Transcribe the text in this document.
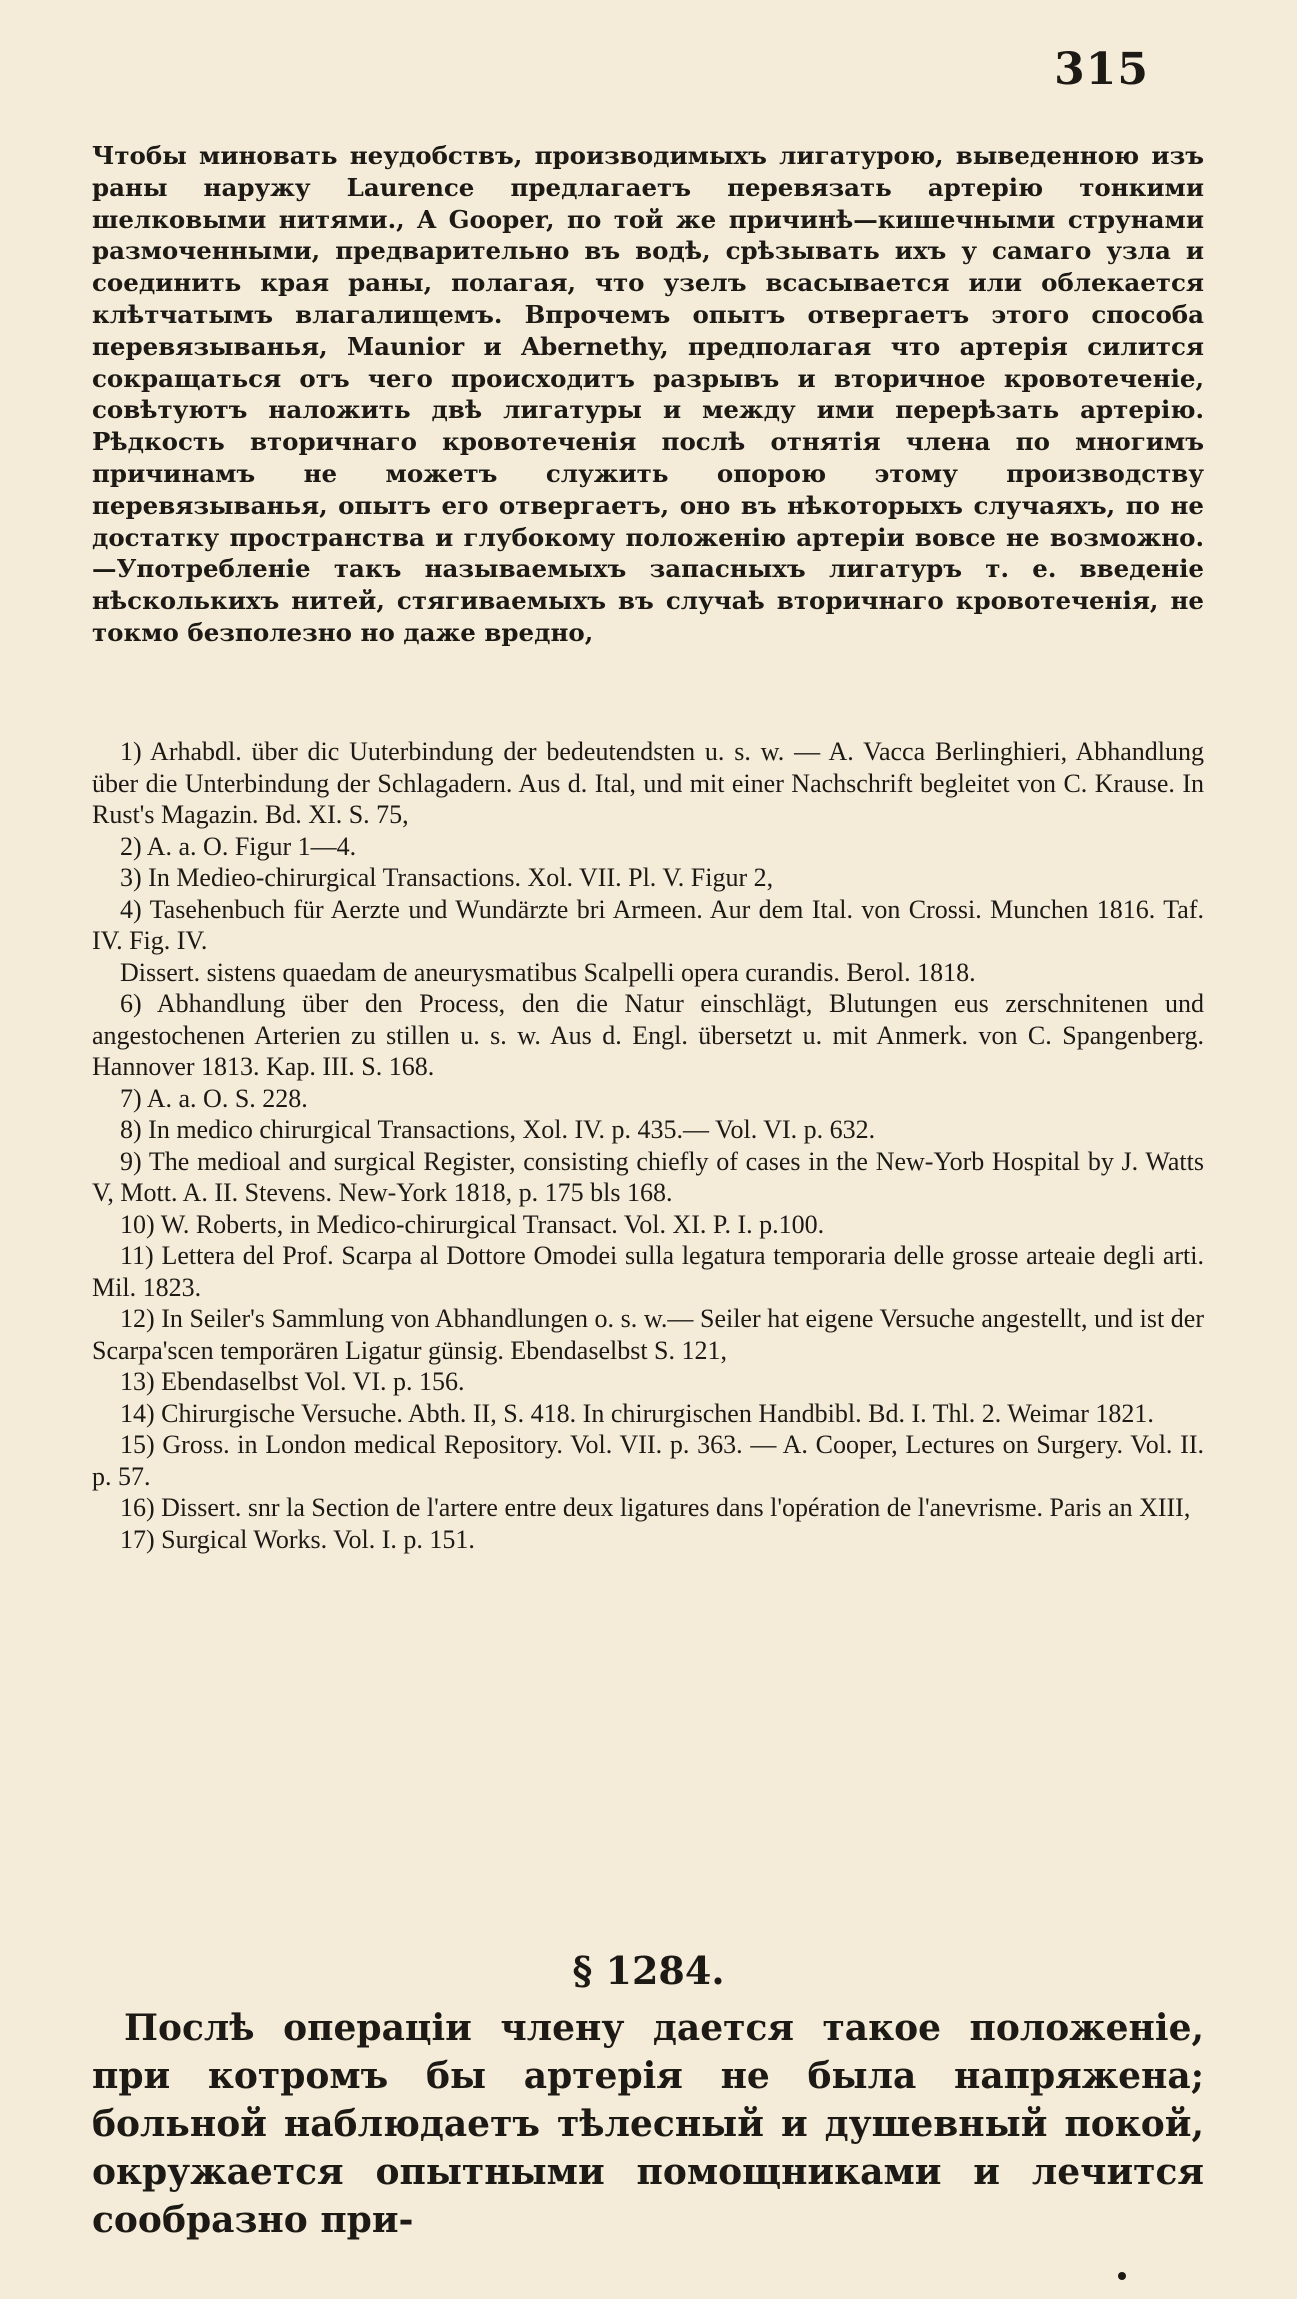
315

Чтобы миновать неудобствъ, производимыхъ лигатурою, выведенною изъ раны наружу Laurence предлагаетъ перевязать артерію тонкими шелковыми нитями., A Gooper, по той же причинѣ—кишечными струнами размоченными, предварительно въ водѣ, срѣзывать ихъ у самаго узла и соединить края раны, полагая, что узелъ всасывается или облекается клѣтчатымъ влагалищемъ. Впрочемъ опытъ отвергаетъ этого способа перевязыванья, Maunior и Abernethy, предполагая что артерія силится сокращаться отъ чего происходитъ разрывъ и вторичное кровотеченіе, совѣтуютъ наложить двѣ лигатуры и между ими перерѣзать артерію. Рѣдкость вторичнаго кровотеченія послѣ отнятія члена по многимъ причинамъ не можетъ служить опорою этому производству перевязыванья, опытъ его отвергаетъ, оно въ нѣкоторыхъ случаяхъ, по не достатку пространства и глубокому положенію артеріи вовсе не возможно.—Употребленіе такъ называемыхъ запасныхъ лигатуръ т. е. введеніе нѣсколькихъ нитей, стягиваемыхъ въ случаѣ вторичнаго кровотеченія, не токмо безполезно но даже вредно,

1) Arhabdl. über dic Uuterbindung der bedeutendsten u. s. w. — A. Vacca Berlinghieri, Abhandlung über die Unterbindung der Schlagadern. Aus d. Ital, und mit einer Nachschrift begleitet von C. Krause. In Rust's Magazin. Bd. XI. S. 75,

2) A. a. O. Figur 1—4.

3) In Medieo-chirurgical Transactions. Xol. VII. Pl. V. Figur 2,

4) Tasehenbuch für Aerzte und Wundärzte bri Armeen. Aur dem Ital. von Crossi. Munchen 1816. Taf. IV. Fig. IV.

Dissert. sistens quaedam de aneurysmatibus Scalpelli opera curandis. Berol. 1818.

6) Abhandlung über den Process, den die Natur einschlägt, Blutungen eus zerschnitenen und angestochenen Arterien zu stillen u. s. w. Aus d. Engl. übersetzt u. mit Anmerk. von C. Spangenberg. Hannover 1813. Kap. III. S. 168.

7) A. a. O. S. 228.

8) In medico chirurgical Transactions, Xol. IV. p. 435.— Vol. VI. p. 632.

9) The medioal and surgical Register, consisting chiefly of cases in the New-Yorb Hospital by J. Watts V, Mott. A. II. Stevens. New-York 1818, p. 175 bls 168.

10) W. Roberts, in Medico-chirurgical Transact. Vol. XI. P. I. p.100.

11) Lettera del Prof. Scarpa al Dottore Omodei sulla legatura temporaria delle grosse arteaie degli arti. Mil. 1823.

12) In Seiler's Sammlung von Abhandlungen o. s. w.— Seiler hat eigene Versuche angestellt, und ist der Scarpa'scen temporären Ligatur günsig. Ebendaselbst S. 121,

13) Ebendaselbst Vol. VI. p. 156.

14) Chirurgische Versuche. Abth. II, S. 418. In chirurgischen Handbibl. Bd. I. Thl. 2. Weimar 1821.

15) Gross. in London medical Repository. Vol. VII. p. 363. — A. Cooper, Lectures on Surgery. Vol. II. p. 57.

16) Dissert. snr la Section de l'artere entre deux ligatures dans l'opération de l'anevrisme. Paris an XIII,

17) Surgical Works. Vol. I. p. 151.

§ 1284.

Послѣ операціи члену дается такое положеніе, при котромъ бы артерія не была напряжена; больной наблюдаетъ тѣлесный и душевный покой, окружается опытными помощниками и лечится сообразно при-
